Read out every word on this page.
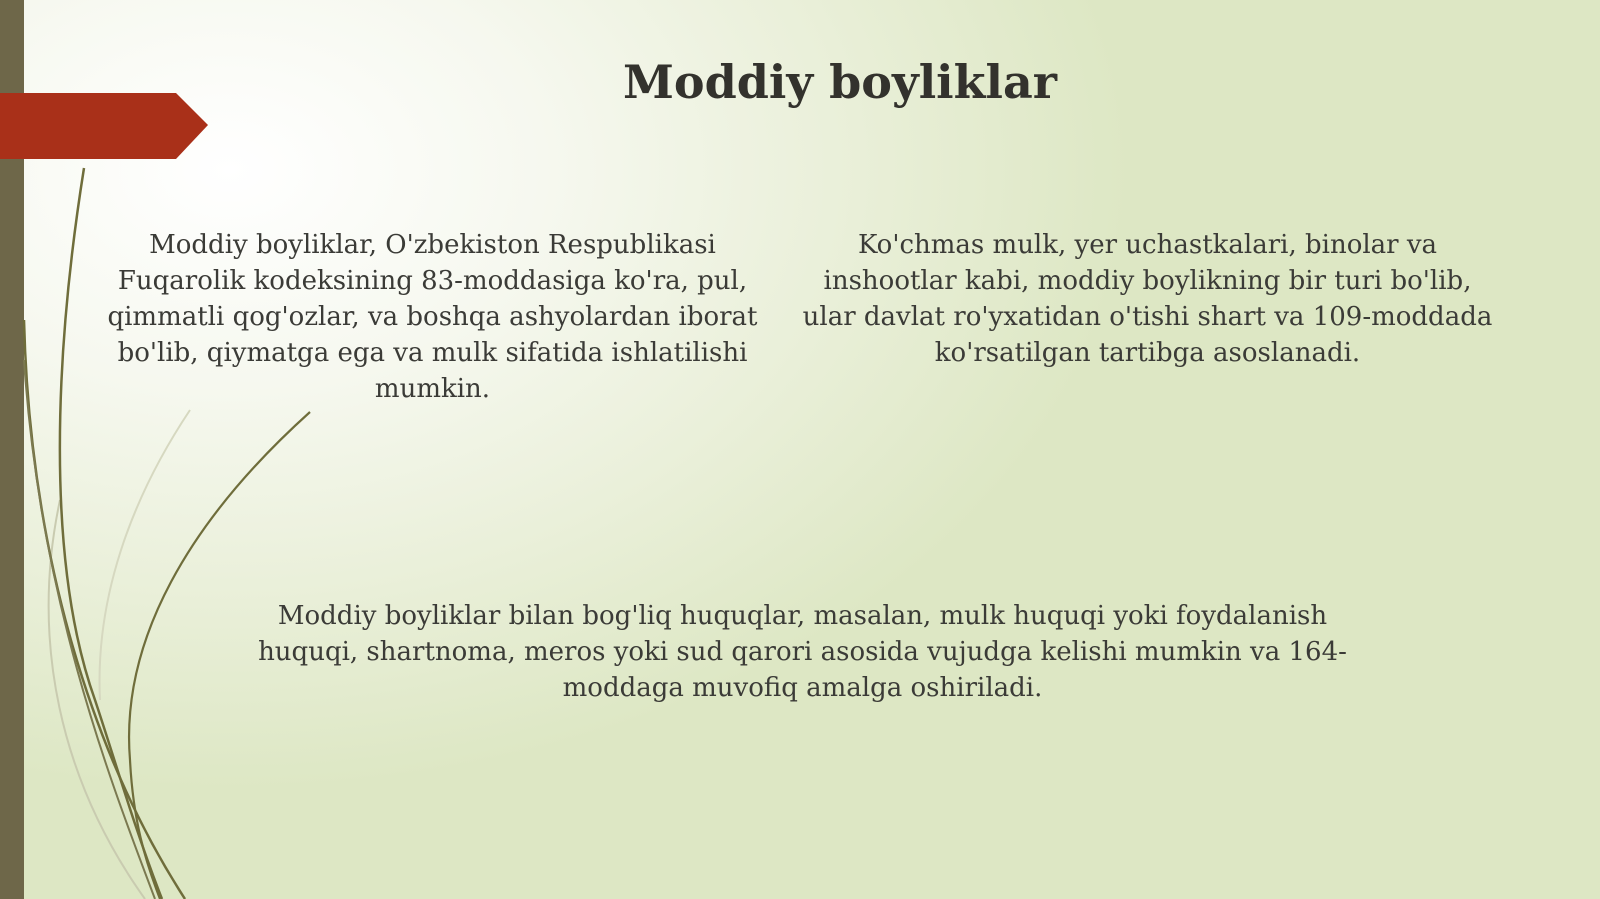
Moddiy boyliklar

Moddiy boyliklar, O'zbekiston Respublikasi Fuqarolik kodeksining 83-moddasiga ko'ra, pul, qimmatli qog'ozlar, va boshqa ashyolardan iborat bo'lib, qiymatga ega va mulk sifatida ishlatilishi mumkin.

Ko'chmas mulk, yer uchastkalari, binolar va inshootlar kabi, moddiy boylikning bir turi bo'lib, ular davlat ro'yxatidan o'tishi shart va 109-moddada ko'rsatilgan tartibga asoslanadi.

Moddiy boyliklar bilan bog'liq huquqlar, masalan, mulk huquqi yoki foydalanish huquqi, shartnoma, meros yoki sud qarori asosida vujudga kelishi mumkin va 164-moddaga muvofiq amalga oshiriladi.
